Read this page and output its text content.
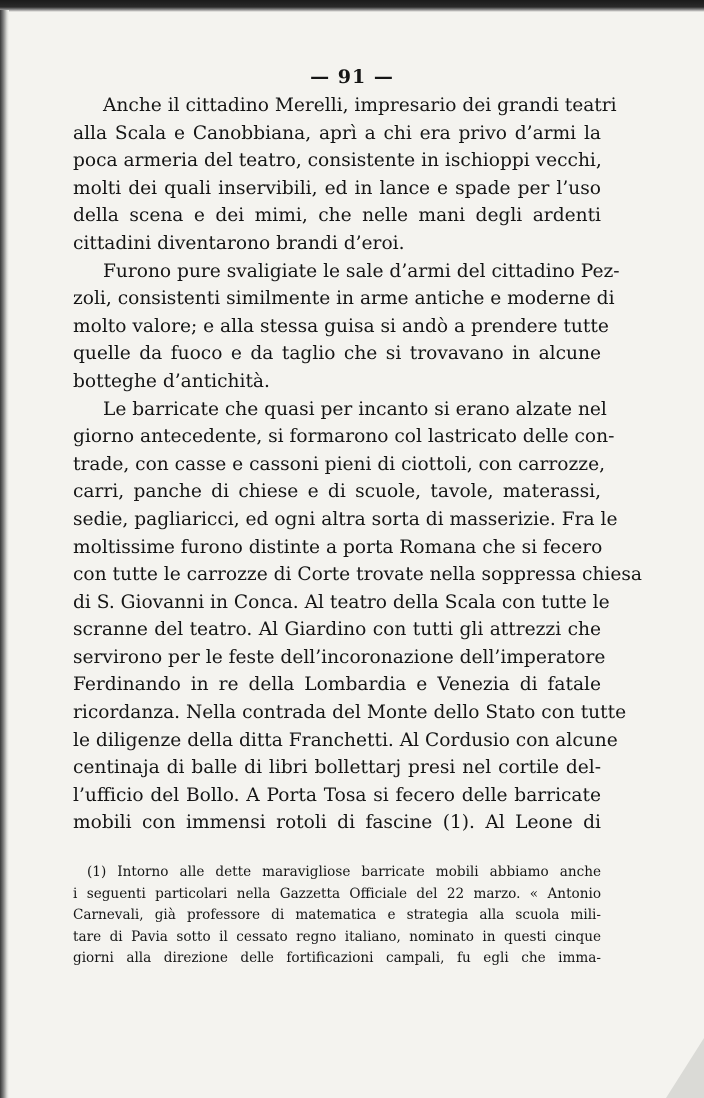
— 91 —
Anche il cittadino Merelli, impresario dei grandi teatri
alla Scala e Canobbiana, aprì a chi era privo d’armi la
poca armeria del teatro, consistente in ischioppi vecchi,
molti dei quali inservibili, ed in lance e spade per l’uso
della scena e dei mimi, che nelle mani degli ardenti
cittadini diventarono brandi d’eroi.
Furono pure svaligiate le sale d’armi del cittadino Pez-
zoli, consistenti similmente in arme antiche e moderne di
molto valore; e alla stessa guisa si andò a prendere tutte
quelle da fuoco e da taglio che si trovavano in alcune
botteghe d’antichità.
Le barricate che quasi per incanto si erano alzate nel
giorno antecedente, si formarono col lastricato delle con-
trade, con casse e cassoni pieni di ciottoli, con carrozze,
carri, panche di chiese e di scuole, tavole, materassi,
sedie, pagliaricci, ed ogni altra sorta di masserizie. Fra le
moltissime furono distinte a porta Romana che si fecero
con tutte le carrozze di Corte trovate nella soppressa chiesa
di S. Giovanni in Conca. Al teatro della Scala con tutte le
scranne del teatro. Al Giardino con tutti gli attrezzi che
servirono per le feste dell’incoronazione dell’imperatore
Ferdinando in re della Lombardia e Venezia di fatale
ricordanza. Nella contrada del Monte dello Stato con tutte
le diligenze della ditta Franchetti. Al Cordusio con alcune
centinaja di balle di libri bollettarj presi nel cortile del-
l’ufficio del Bollo. A Porta Tosa si fecero delle barricate
mobili con immensi rotoli di fascine (1). Al Leone di
(1) Intorno alle dette maravigliose barricate mobili abbiamo anche
i seguenti particolari nella Gazzetta Officiale del 22 marzo. « Antonio
Carnevali, già professore di matematica e strategia alla scuola mili-
tare di Pavia sotto il cessato regno italiano, nominato in questi cinque
giorni alla direzione delle fortificazioni campali, fu egli che imma-
